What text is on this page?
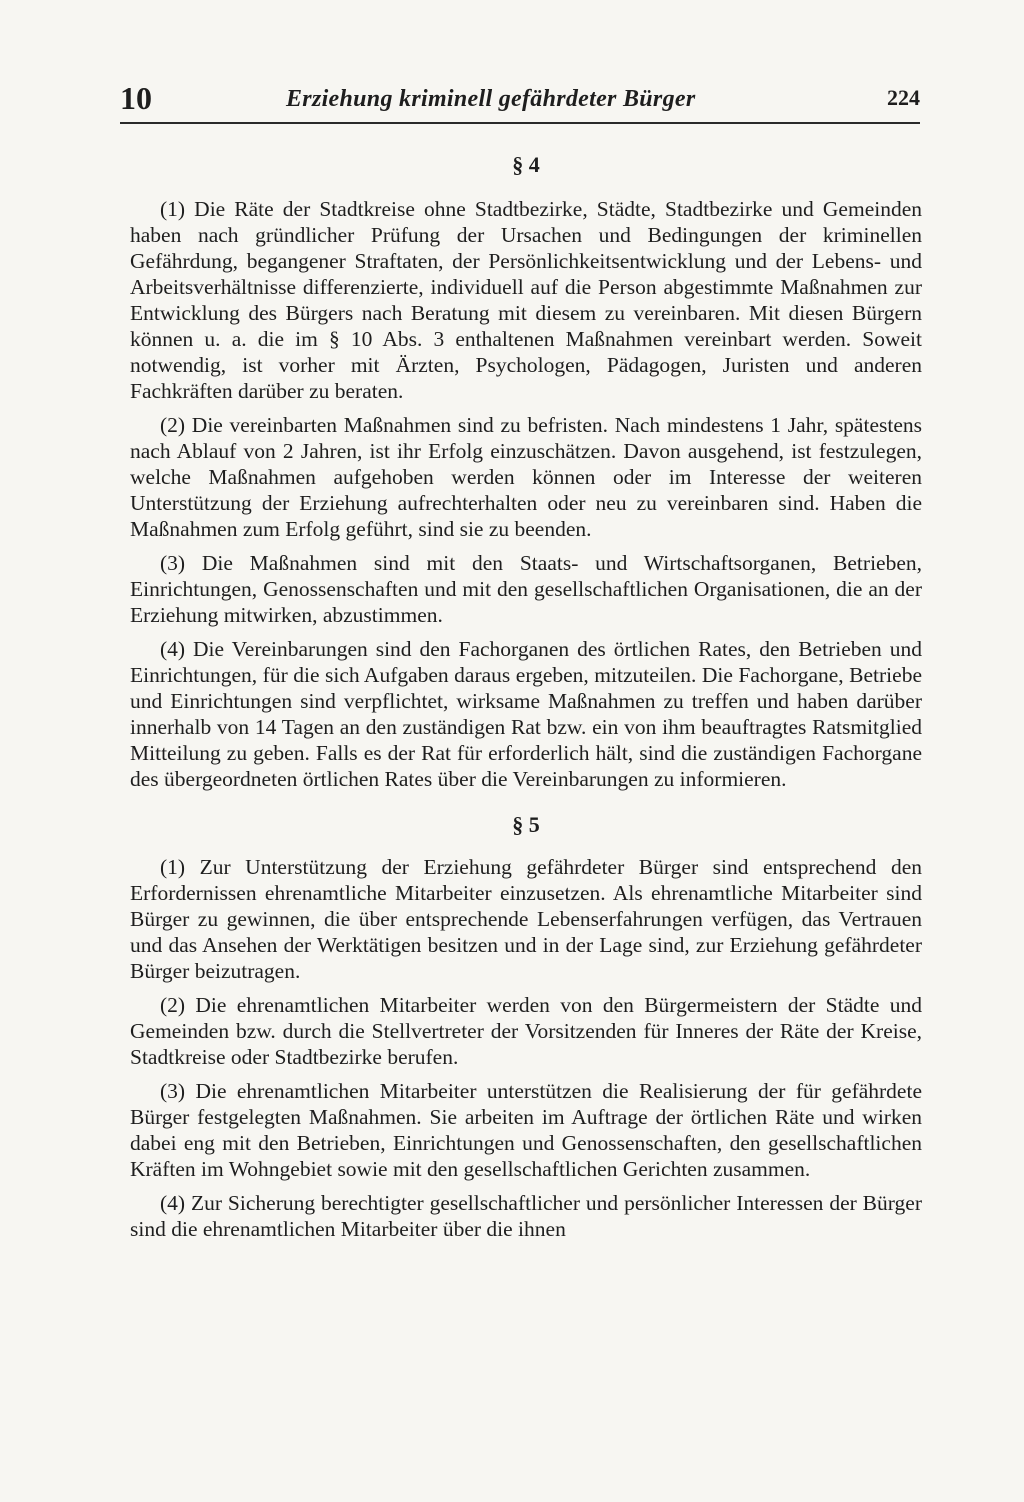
10	Erziehung kriminell gefährdeter Bürger	224
§ 4

(1) Die Räte der Stadtkreise ohne Stadtbezirke, Städte, Stadtbezirke und Gemeinden haben nach gründlicher Prüfung der Ursachen und Bedingungen der kriminellen Gefährdung, begangener Straftaten, der Persönlichkeitsentwicklung und der Lebens- und Arbeitsverhältnisse differenzierte, individuell auf die Person abgestimmte Maßnahmen zur Entwicklung des Bürgers nach Beratung mit diesem zu vereinbaren. Mit diesen Bürgern können u. a. die im § 10 Abs. 3 enthaltenen Maßnahmen vereinbart werden. Soweit notwendig, ist vorher mit Ärzten, Psychologen, Pädagogen, Juristen und anderen Fachkräften darüber zu beraten.

(2) Die vereinbarten Maßnahmen sind zu befristen. Nach mindestens 1 Jahr, spätestens nach Ablauf von 2 Jahren, ist ihr Erfolg einzuschätzen. Davon ausgehend, ist festzulegen, welche Maßnahmen aufgehoben werden können oder im Interesse der weiteren Unterstützung der Erziehung aufrechterhalten oder neu zu vereinbaren sind. Haben die Maßnahmen zum Erfolg geführt, sind sie zu beenden.

(3) Die Maßnahmen sind mit den Staats- und Wirtschaftsorganen, Betrieben, Einrichtungen, Genossenschaften und mit den gesellschaftlichen Organisationen, die an der Erziehung mitwirken, abzustimmen.

(4) Die Vereinbarungen sind den Fachorganen des örtlichen Rates, den Betrieben und Einrichtungen, für die sich Aufgaben daraus ergeben, mitzuteilen. Die Fachorgane, Betriebe und Einrichtungen sind verpflichtet, wirksame Maßnahmen zu treffen und haben darüber innerhalb von 14 Tagen an den zuständigen Rat bzw. ein von ihm beauftragtes Ratsmitglied Mitteilung zu geben. Falls es der Rat für erforderlich hält, sind die zuständigen Fachorgane des übergeordneten örtlichen Rates über die Vereinbarungen zu informieren.

§ 5

(1) Zur Unterstützung der Erziehung gefährdeter Bürger sind entsprechend den Erfordernissen ehrenamtliche Mitarbeiter einzusetzen. Als ehrenamtliche Mitarbeiter sind Bürger zu gewinnen, die über entsprechende Lebenserfahrungen verfügen, das Vertrauen und das Ansehen der Werktätigen besitzen und in der Lage sind, zur Erziehung gefährdeter Bürger beizutragen.

(2) Die ehrenamtlichen Mitarbeiter werden von den Bürgermeistern der Städte und Gemeinden bzw. durch die Stellvertreter der Vorsitzenden für Inneres der Räte der Kreise, Stadtkreise oder Stadtbezirke berufen.

(3) Die ehrenamtlichen Mitarbeiter unterstützen die Realisierung der für gefährdete Bürger festgelegten Maßnahmen. Sie arbeiten im Auftrage der örtlichen Räte und wirken dabei eng mit den Betrieben, Einrichtungen und Genossenschaften, den gesellschaftlichen Kräften im Wohngebiet sowie mit den gesellschaftlichen Gerichten zusammen.

(4) Zur Sicherung berechtigter gesellschaftlicher und persönlicher Interessen der Bürger sind die ehrenamtlichen Mitarbeiter über die ihnen
